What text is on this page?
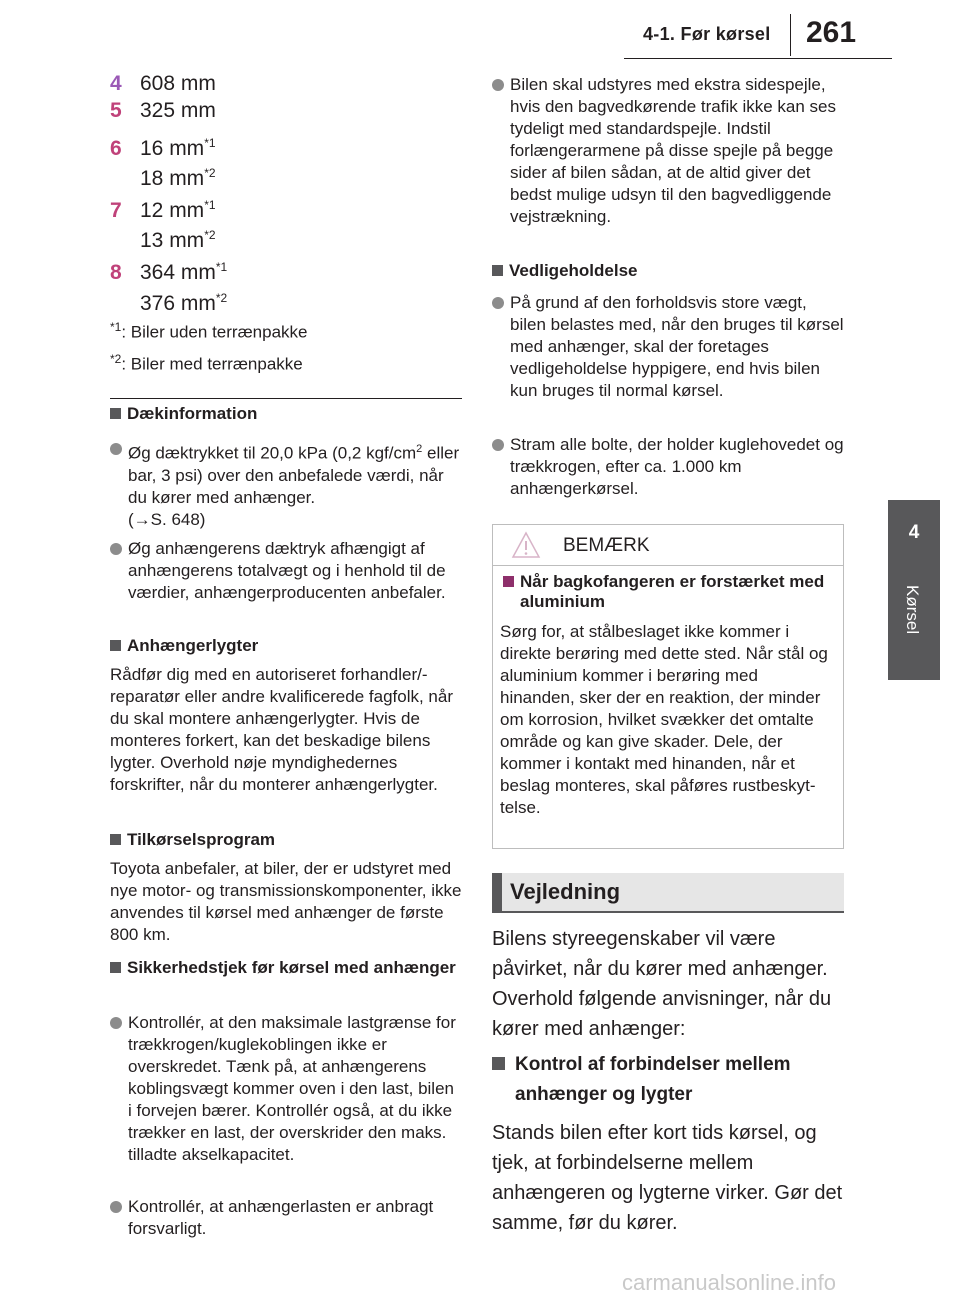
4-1. Før kørsel 261
4
Kørsel
4 608 mm
5 325 mm
6 16 $mm^{*1}$
18 $mm^{*2}$
7 12 $mm^{*1}$
13 $mm^{*2}$
8 364 $mm^{*1}$
376 $mm^{*2}$
$^{*1}$: Biler uden terrænpakke
$^{*2}$: Biler med terrænpakke
Dækinformation
Øg dæktrykket til 20,0 kPa (0,2 kgf/$cm^2$ eller bar, 3 psi) over den anbefalede værdi, når du kører med anhænger.
(→S. 648)
Øg anhængerens dæktryk afhængigt af anhængerens totalvægt og i henhold til de værdier, anhængerproducenten anbefaler.
Anhængerlygter
Rådfør dig med en autoriseret forhandler/-reparatør eller andre kvalificerede fagfolk, når du skal montere anhængerlygter. Hvis de monteres forkert, kan det beskadige bilens lygter. Overhold nøje myndighedernes forskrifter, når du monterer anhængerlygter.
Tilkørselsprogram
Toyota anbefaler, at biler, der er udstyret med nye motor- og transmissionskomponenter, ikke anvendes til kørsel med anhænger de første 800 km.
Sikkerhedstjek før kørsel med anhænger
Kontrollér, at den maksimale lastgrænse for trækkrogen/kuglekoblingen ikke er overskredet. Tænk på, at anhængerens koblingsvægt kommer oven i den last, bilen i forvejen bærer. Kontrollér også, at du ikke trækker en last, der overskrider den maks. tilladte akselkapacitet.
Kontrollér, at anhængerlasten er anbragt forsvarligt.
Bilen skal udstyres med ekstra sidespejle, hvis den bagvedkørende trafik ikke kan ses tydeligt med standardspejle. Indstil forlængerarmene på disse spejle på begge sider af bilen sådan, at de altid giver det bedst mulige udsyn til den bagvedliggende vejstrækning.
Vedligeholdelse
På grund af den forholdsvis store vægt, bilen belastes med, når den bruges til kørsel med anhænger, skal der foretages vedligeholdelse hyppigere, end hvis bilen kun bruges til normal kørsel.
Stram alle bolte, der holder kuglehovedet og trækkrogen, efter ca. 1.000 km anhængerkørsel.
BEMÆRK
Når bagkofangeren er forstærket med aluminium
Sørg for, at stålbeslaget ikke kommer i direkte berøring med dette sted. Når stål og aluminium kommer i berøring med hinanden, sker der en reaktion, der minder om korrosion, hvilket svækker det omtalte område og kan give skader. Dele, der kommer i kontakt med hinanden, når et beslag monteres, skal påføres rustbeskyttelse.
Vejledning
Bilens styreegenskaber vil være påvirket, når du kører med anhænger. Overhold følgende anvisninger, når du kører med anhænger:
Kontrol af forbindelser mellem anhænger og lygter
Stands bilen efter kort tids kørsel, og tjek, at forbindelserne mellem anhængeren og lygterne virker. Gør det samme, før du kører.
carmanualsonline.info
